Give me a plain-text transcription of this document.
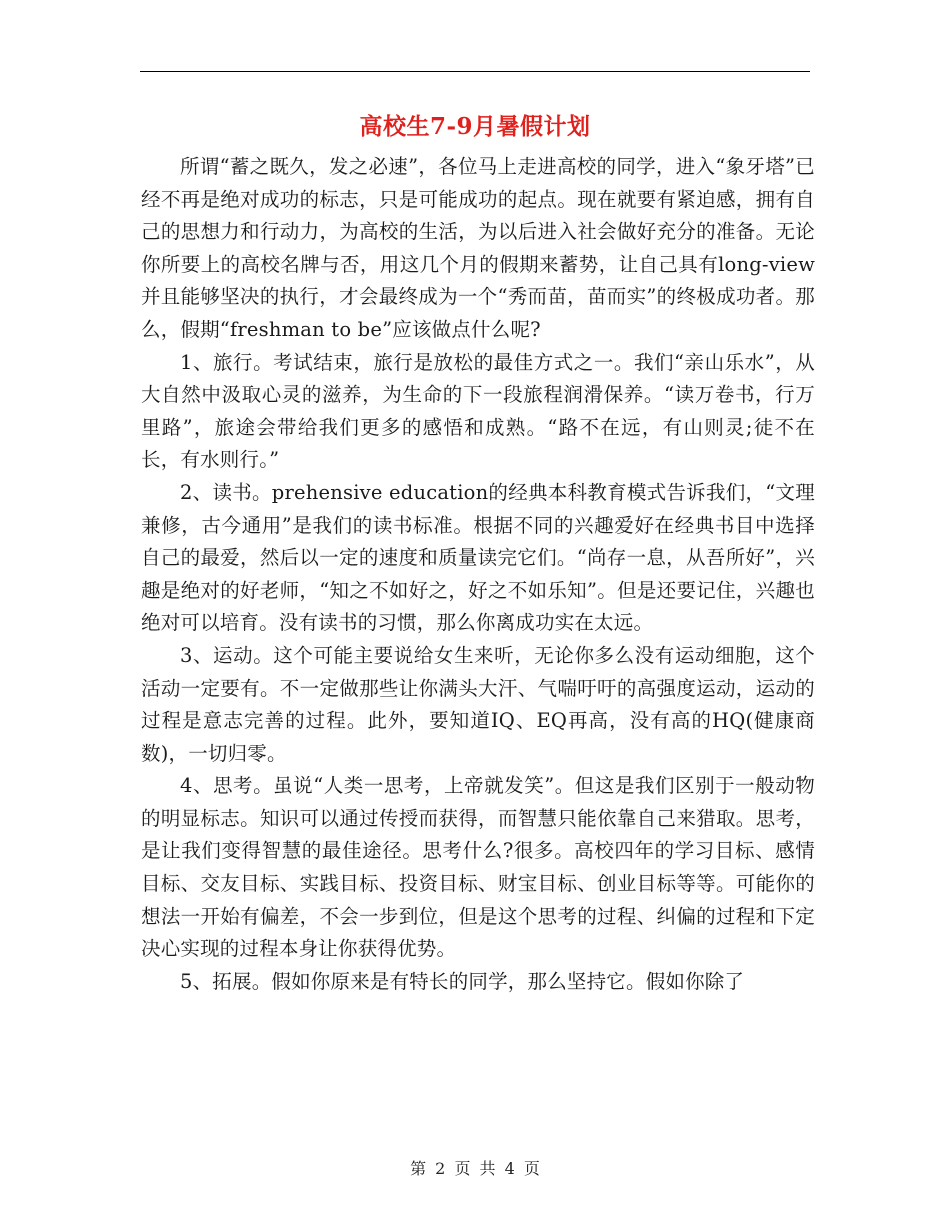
高校生7-9月暑假计划

所谓“蓄之既久，发之必速”，各位马上走进高校的同学，进入“象牙塔”已经不再是绝对成功的标志，只是可能成功的起点。现在就要有紧迫感，拥有自己的思想力和行动力，为高校的生活，为以后进入社会做好充分的准备。无论你所要上的高校名牌与否，用这几个月的假期来蓄势，让自己具有long-view并且能够坚决的执行，才会最终成为一个“秀而苗，苗而实”的终极成功者。那么，假期“freshman to be”应该做点什么呢?

1、旅行。考试结束，旅行是放松的最佳方式之一。我们“亲山乐水”，从大自然中汲取心灵的滋养，为生命的下一段旅程润滑保养。“读万卷书，行万里路”，旅途会带给我们更多的感悟和成熟。“路不在远，有山则灵;徒不在长，有水则行。”

2、读书。prehensive education的经典本科教育模式告诉我们，“文理兼修，古今通用”是我们的读书标准。根据不同的兴趣爱好在经典书目中选择自己的最爱，然后以一定的速度和质量读完它们。“尚存一息，从吾所好”，兴趣是绝对的好老师，“知之不如好之，好之不如乐知”。但是还要记住，兴趣也绝对可以培育。没有读书的习惯，那么你离成功实在太远。

3、运动。这个可能主要说给女生来听，无论你多么没有运动细胞，这个活动一定要有。不一定做那些让你满头大汗、气喘吁吁的高强度运动，运动的过程是意志完善的过程。此外，要知道IQ、EQ再高，没有高的HQ(健康商数)，一切归零。

4、思考。虽说“人类一思考，上帝就发笑”。但这是我们区别于一般动物的明显标志。知识可以通过传授而获得，而智慧只能依靠自己来猎取。思考，是让我们变得智慧的最佳途径。思考什么?很多。高校四年的学习目标、感情目标、交友目标、实践目标、投资目标、财宝目标、创业目标等等。可能你的想法一开始有偏差，不会一步到位，但是这个思考的过程、纠偏的过程和下定决心实现的过程本身让你获得优势。

5、拓展。假如你原来是有特长的同学，那么坚持它。假如你除了

第 2 页 共 4 页
